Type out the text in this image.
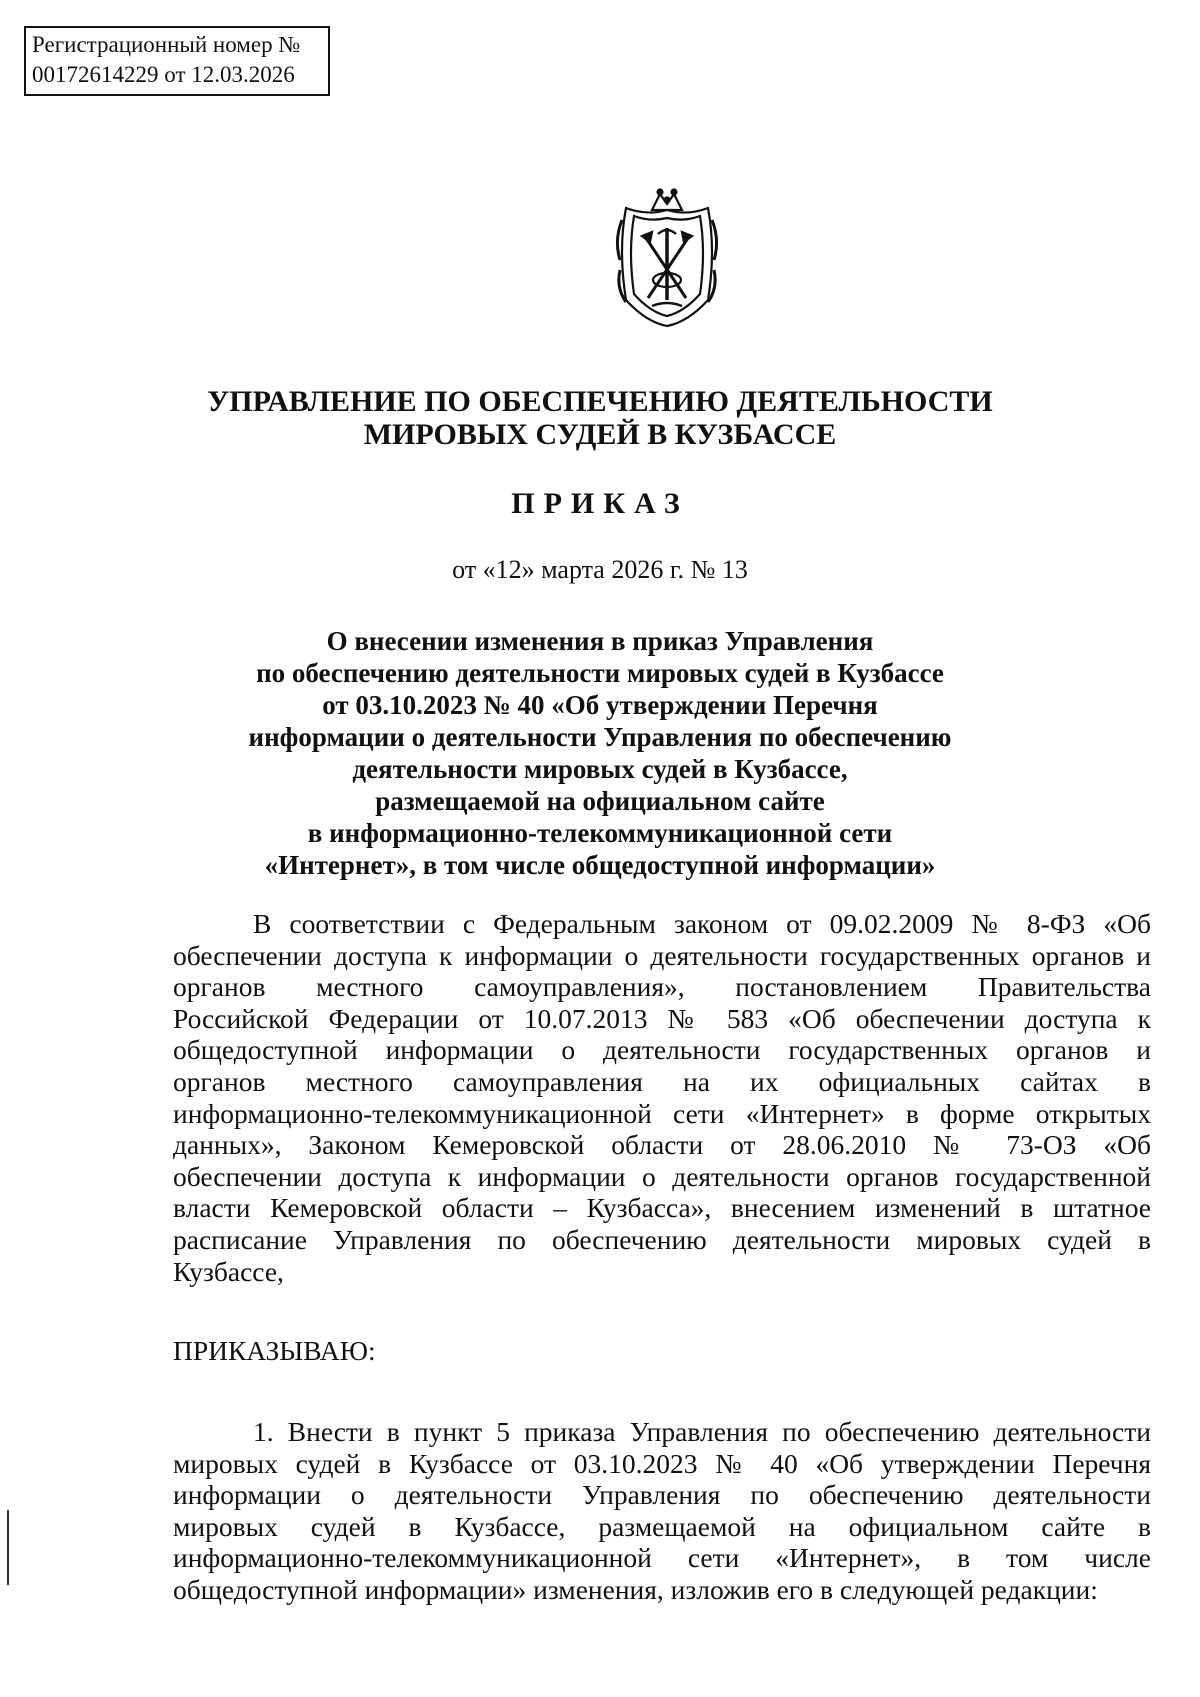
Регистрационный номер №
00172614229 от 12.03.2026
УПРАВЛЕНИЕ ПО ОБЕСПЕЧЕНИЮ ДЕЯТЕЛЬНОСТИ
МИРОВЫХ СУДЕЙ В КУЗБАССЕ
ПРИКАЗ
от «12» марта 2026 г. № 13
О внесении изменения в приказ Управления
по обеспечению деятельности мировых судей в Кузбассе
от 03.10.2023 № 40 «Об утверждении Перечня
информации о деятельности Управления по обеспечению
деятельности мировых судей в Кузбассе,
размещаемой на официальном сайте
в информационно-телекоммуникационной сети
«Интернет», в том числе общедоступной информации»
В соответствии с Федеральным законом от 09.02.2009 № 8-ФЗ «Об
обеспечении доступа к информации о деятельности государственных органов и
органов местного самоуправления», постановлением Правительства
Российской Федерации от 10.07.2013 № 583 «Об обеспечении доступа к
общедоступной информации о деятельности государственных органов и
органов местного самоуправления на их официальных сайтах в
информационно-телекоммуникационной сети «Интернет» в форме открытых
данных», Законом Кемеровской области от 28.06.2010 № 73-ОЗ «Об
обеспечении доступа к информации о деятельности органов государственной
власти Кемеровской области – Кузбасса», внесением изменений в штатное
расписание Управления по обеспечению деятельности мировых судей в
Кузбассе,
ПРИКАЗЫВАЮ:
1. Внести в пункт 5 приказа Управления по обеспечению деятельности
мировых судей в Кузбассе от 03.10.2023 № 40 «Об утверждении Перечня
информации о деятельности Управления по обеспечению деятельности
мировых судей в Кузбассе, размещаемой на официальном сайте в
информационно-телекоммуникационной сети «Интернет», в том числе
общедоступной информации» изменения, изложив его в следующей редакции:
